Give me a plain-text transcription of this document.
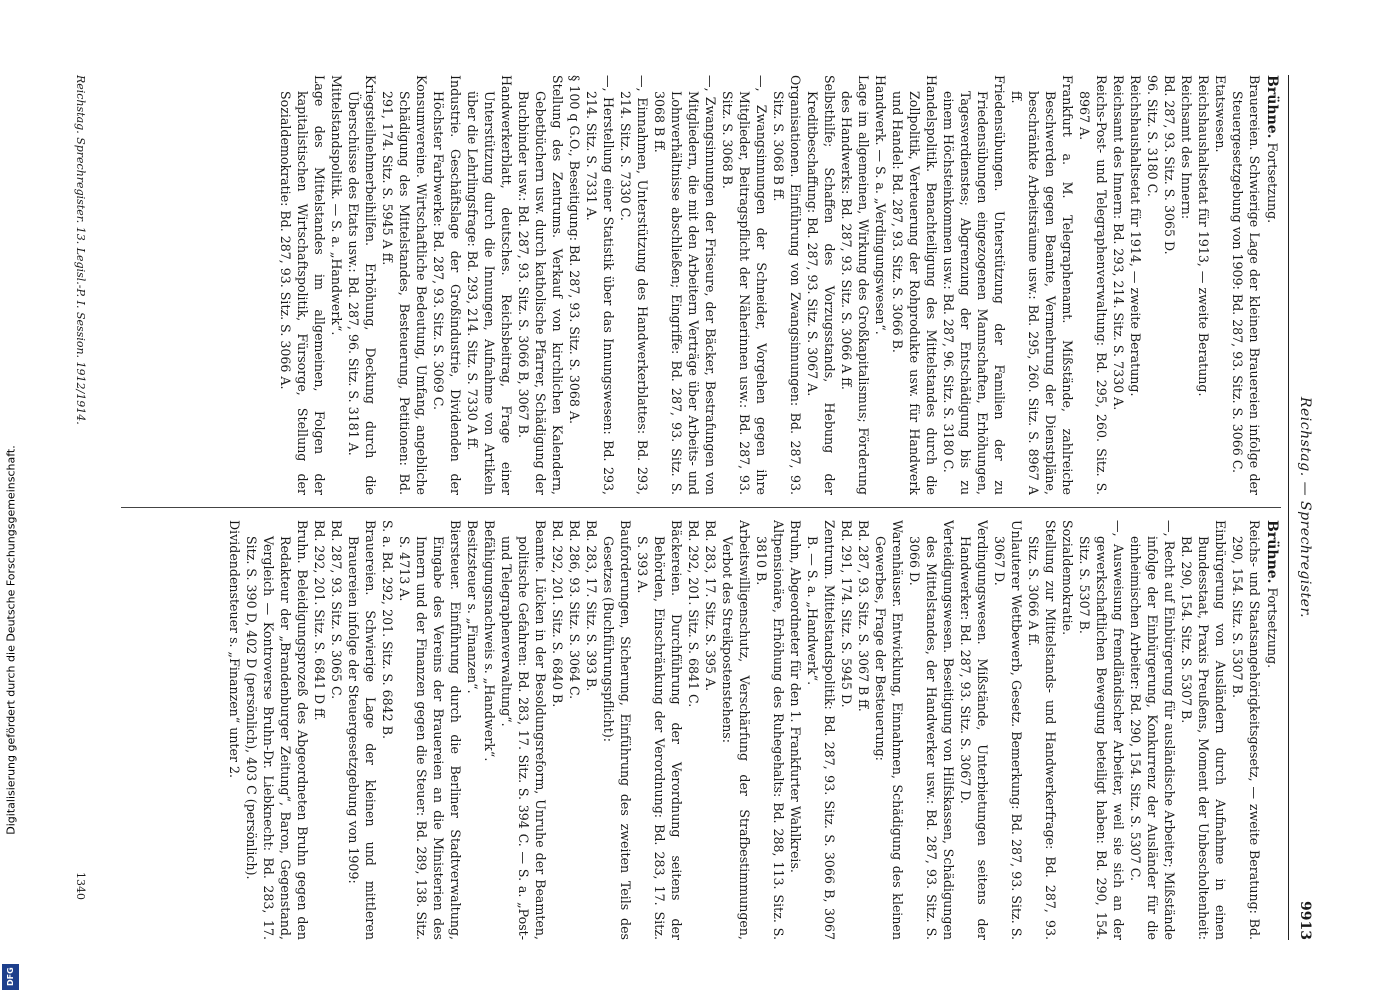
Digitalisierung gefördert durch die Deutsche Forschungsgemeinschaft.
DFG
Reichstag. — Sprechregister.
9913

Brühne. Fortsetzung.

Brauereien. Schwierige Lage der kleinen Brauereien infolge der Steuergesetzgebung von 1909: Bd. 287, 93. Sitz. S. 3066 C.

Etatswesen.

Reichshaushaltsetat für 1913, — zweite Beratung.

Reichsamt des Innern:

Bd. 287, 93. Sitz. S. 3065 D.

96. Sitz. S. 3180 C.

Reichshaushaltsetat für 1914, — zweite Beratung.

Reichsamt des Innern: Bd. 293, 214. Sitz. S. 7330 A.

Reichs-Post- und Telegraphenverwaltung: Bd. 295, 260. Sitz. S. 8967 A.

Frankfurt a. M. Telegraphenamt. Mißstände, zahlreiche Beschwerden gegen Beamte, Vermehrung der Dienstpläne, beschränkte Arbeitsräume usw.: Bd. 295, 260. Sitz. S. 8967 A ff.

Friedensübungen. Unterstützung der Familien der zu Friedensübungen eingezogenen Mannschaften, Erhöhungen, Tagesverdienstes; Abgrenzung der Entschädigung bis zu einem Höchsteinkommen usw.: Bd. 287, 96. Sitz. S. 3180 C.

Handelspolitik. Benachteiligung des Mittelstandes durch die Zollpolitik, Verteuerung der Rohprodukte usw. für Handwerk und Handel: Bd. 287, 93. Sitz. S. 3066 B.

Handwerk. — S. a. „Verdingungswesen“.

Lage im allgemeinen, Wirkung des Großkapitalismus; Förderung des Handwerks: Bd. 287, 93. Sitz. S. 3066 A ff.

Selbsthilfe; Schaffen des Vorzugsstands, Hebung der Kreditbeschaffung: Bd. 287, 93. Sitz. S. 3067 A.

Organisationen. Einführung von Zwangsinnungen: Bd. 287, 93. Sitz. S. 3068 B ff.

—, Zwangsinnungen der Schneider, Vorgehen gegen ihre Mitglieder, Beitragspflicht der Näherinnen usw.: Bd. 287, 93. Sitz. S. 3068 B.

—, Zwangsinnungen der Friseure, der Bäcker, Bestrafungen von Mitgliedern, die mit den Arbeitern Verträge über Arbeits- und Lohnverhältnisse abschließen; Eingriffe: Bd. 287, 93. Sitz. S. 3068 B ff.

—, Einnahmen, Unterstützung des Handwerkerblattes: Bd. 293, 214. Sitz. S. 7330 C.

—, Herstellung einer Statistik über das Innungswesen: Bd. 293, 214. Sitz. S. 7331 A.

§ 100 q G.O., Beseitigung: Bd. 287, 93. Sitz. S. 3068 A.

Stellung des Zentrums. Verkauf von kirchlichen Kalendern, Gebetbüchern usw. durch katholische Pfarrer, Schädigung der Buchbinder usw.: Bd. 287, 93. Sitz. S. 3066 B, 3067 B.

Handwerkerblatt, deutsches. Reichsbeitrag, Frage einer Unterstützung durch die Innungen, Aufnahme von Artikeln über die Lehrlingsfrage: Bd. 293, 214. Sitz. S. 7330 A ff.

Industrie. Geschäftslage der Großindustrie, Dividenden der Höchster Farbwerke: Bd. 287, 93. Sitz. S. 3069 C.

Konsumvereine. Wirtschaftliche Bedeutung, Umfang, angebliche Schädigung des Mittelstandes, Besteuerung, Petitionen: Bd. 291, 174. Sitz. S. 5945 A ff.

Kriegsteilnehmerbeihilfen. Erhöhung, Deckung durch die Überschüsse des Etats usw.: Bd. 287, 96. Sitz. S. 3181 A.

Mittelstandspolitik. — S. a. „Handwerk“.

Lage des Mittelstandes im allgemeinen, Folgen der kapitalistischen Wirtschaftspolitik, Fürsorge, Stellung der Sozialdemokratie: Bd. 287, 93. Sitz. S. 3066 A.

Brühne. Fortsetzung.

Reichs- und Staatsangehörigkeitsgesetz, — zweite Beratung: Bd. 290, 154. Sitz. S. 5307 B.

Einbürgerung von Ausländern durch Aufnahme in einen Bundesstaat, Praxis Preußens, Moment der Unbescholtenheit: Bd. 290, 154. Sitz. S. 5307 B.

—, Recht auf Einbürgerung für ausländische Arbeiter; Mißstände infolge der Einbürgerung, Konkurrenz der Ausländer für die einheimischen Arbeiter: Bd. 290, 154. Sitz. S. 5307 C.

—, Ausweisung fremdländischer Arbeiter, weil sie sich an der gewerkschaftlichen Bewegung beteiligt haben: Bd. 290, 154. Sitz. S. 5307 B.

Sozialdemokratie.

Stellung zur Mittelstands- und Handwerkerfrage: Bd. 287, 93. Sitz. S. 3066 A ff.

Unlauterer Wettbewerb, Gesetz. Bemerkung: Bd. 287, 93. Sitz. S. 3067 D.

Verdingungswesen. Mißstände, Unterbietungen seitens der Handwerker: Bd. 287, 93. Sitz. S. 3067 D.

Verteidigungswesen. Beseitigung von Hilfskassen, Schädigungen des Mittelstandes, der Handwerker usw.: Bd. 287, 93. Sitz. S. 3066 D.

Warenhäuser. Entwicklung, Einnahmen, Schädigung des kleinen Gewerbes, Frage der Besteuerung:

Bd. 287, 93. Sitz. S. 3067 B ff.

Bd. 291, 174. Sitz. S. 5945 D.

Zentrum. Mittelstandspolitik: Bd. 287, 93. Sitz. S. 3066 B, 3067 B. — S. a. „Handwerk“.

Bruhn, Abgeordneter für den 1. Frankfurter Wahlkreis.

Altpensionäre, Erhöhung des Ruhegehalts: Bd. 288, 113. Sitz. S. 3810 B.

Arbeitswilligenschutz, Verschärfung der Strafbestimmungen, Verbot des Streikpostenstehens:

Bd. 283, 17. Sitz. S. 395 A.

Bd. 292, 201. Sitz. S. 6841 C.

Bäckereien. Durchführung der Verordnung seitens der Behörden, Einschränkung der Verordnung: Bd. 283, 17. Sitz. S. 393 A.

Bauforderungen, Sicherung, Einführung des zweiten Teils des Gesetzes (Buchführungspflicht):

Bd. 283, 17. Sitz. S. 393 B.

Bd. 286, 93. Sitz. S. 3064 C.

Bd. 292, 201. Sitz. S. 6840 B.

Beamte. Lücken in der Besoldungsreform, Unruhe der Beamten, politische Gefahren: Bd. 283, 17. Sitz. S. 394 C. — S. a. „Post- und Telegraphenverwaltung“.

Befähigungsnachweis s. „Handwerk“.

Besitzsteuer s. „Finanzen“.

Biersteuer. Einführung durch die Berliner Stadtverwaltung, Eingabe des Vereins der Brauereien an die Ministerien des Innern und der Finanzen gegen die Steuer: Bd. 289, 138. Sitz. S. 4713 A.

S. a. Bd. 292, 201. Sitz. S. 6842 B.

Brauereien. Schwierige Lage der kleinen und mittleren Brauereien infolge der Steuergesetzgebung von 1909:

Bd. 287, 93. Sitz. S. 3065 C.

Bd. 292, 201. Sitz. S. 6841 D ff.

Bruhn. Beleidigungsprozeß des Abgeordneten Bruhn gegen den Redakteur der „Brandenburger Zeitung“, Baron, Gegenstand, Vergleich — Kontroverse Bruhn-Dr. Liebknecht: Bd. 283, 17. Sitz. S. 390 D, 402 D (persönlich), 403 C (persönlich).

Dividendensteuer s. „Finanzen“ unter 2.

Reichstag. Sprechregister. 13. Legisl.-P. I. Session. 1912/1914.
1340
